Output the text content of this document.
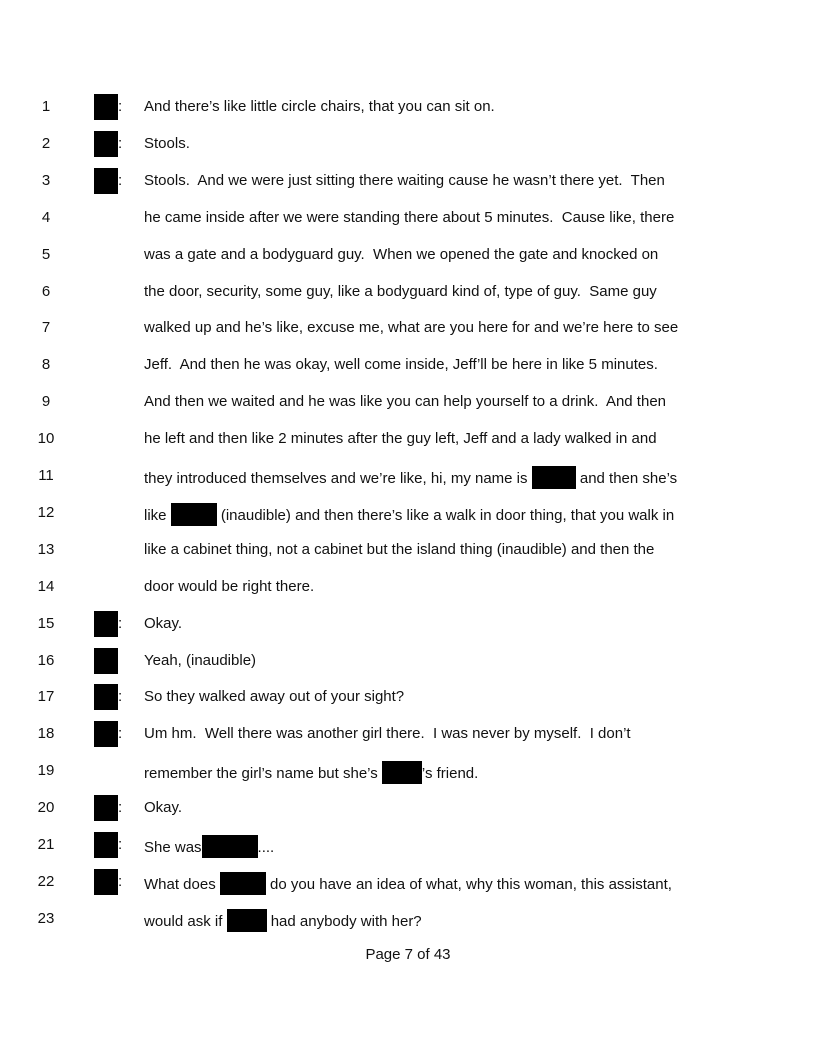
1	: And there’s like little circle chairs, that you can sit on.
2	: Stools.
3	: Stools.  And we were just sitting there waiting cause he wasn’t there yet.  Then
4	he came inside after we were standing there about 5 minutes.  Cause like, there
5	was a gate and a bodyguard guy.  When we opened the gate and knocked on
6	the door, security, some guy, like a bodyguard kind of, type of guy.  Same guy
7	walked up and he’s like, excuse me, what are you here for and we’re here to see
8	Jeff.  And then he was okay, well come inside, Jeff’ll be here in like 5 minutes.
9	And then we waited and he was like you can help yourself to a drink.  And then
10	he left and then like 2 minutes after the guy left, Jeff and a lady walked in and
11	they introduced themselves and we’re like, hi, my name is	and then she’s
12	like	(inaudible) and then there’s like a walk in door thing, that you walk in
13	like a cabinet thing, not a cabinet but the island thing (inaudible) and then the
14	door would be right there.
15	: Okay.
16	Yeah, (inaudible)
17	: So they walked away out of your sight?
18	: Um hm.  Well there was another girl there.  I was never by myself.  I don’t
19	remember the girl’s name but she’s	’s friend.
20	: Okay.
21	: She was	....
22	: What does	do you have an idea of what, why this woman, this assistant,
23	would ask if	had anybody with her?
Page 7 of 43
